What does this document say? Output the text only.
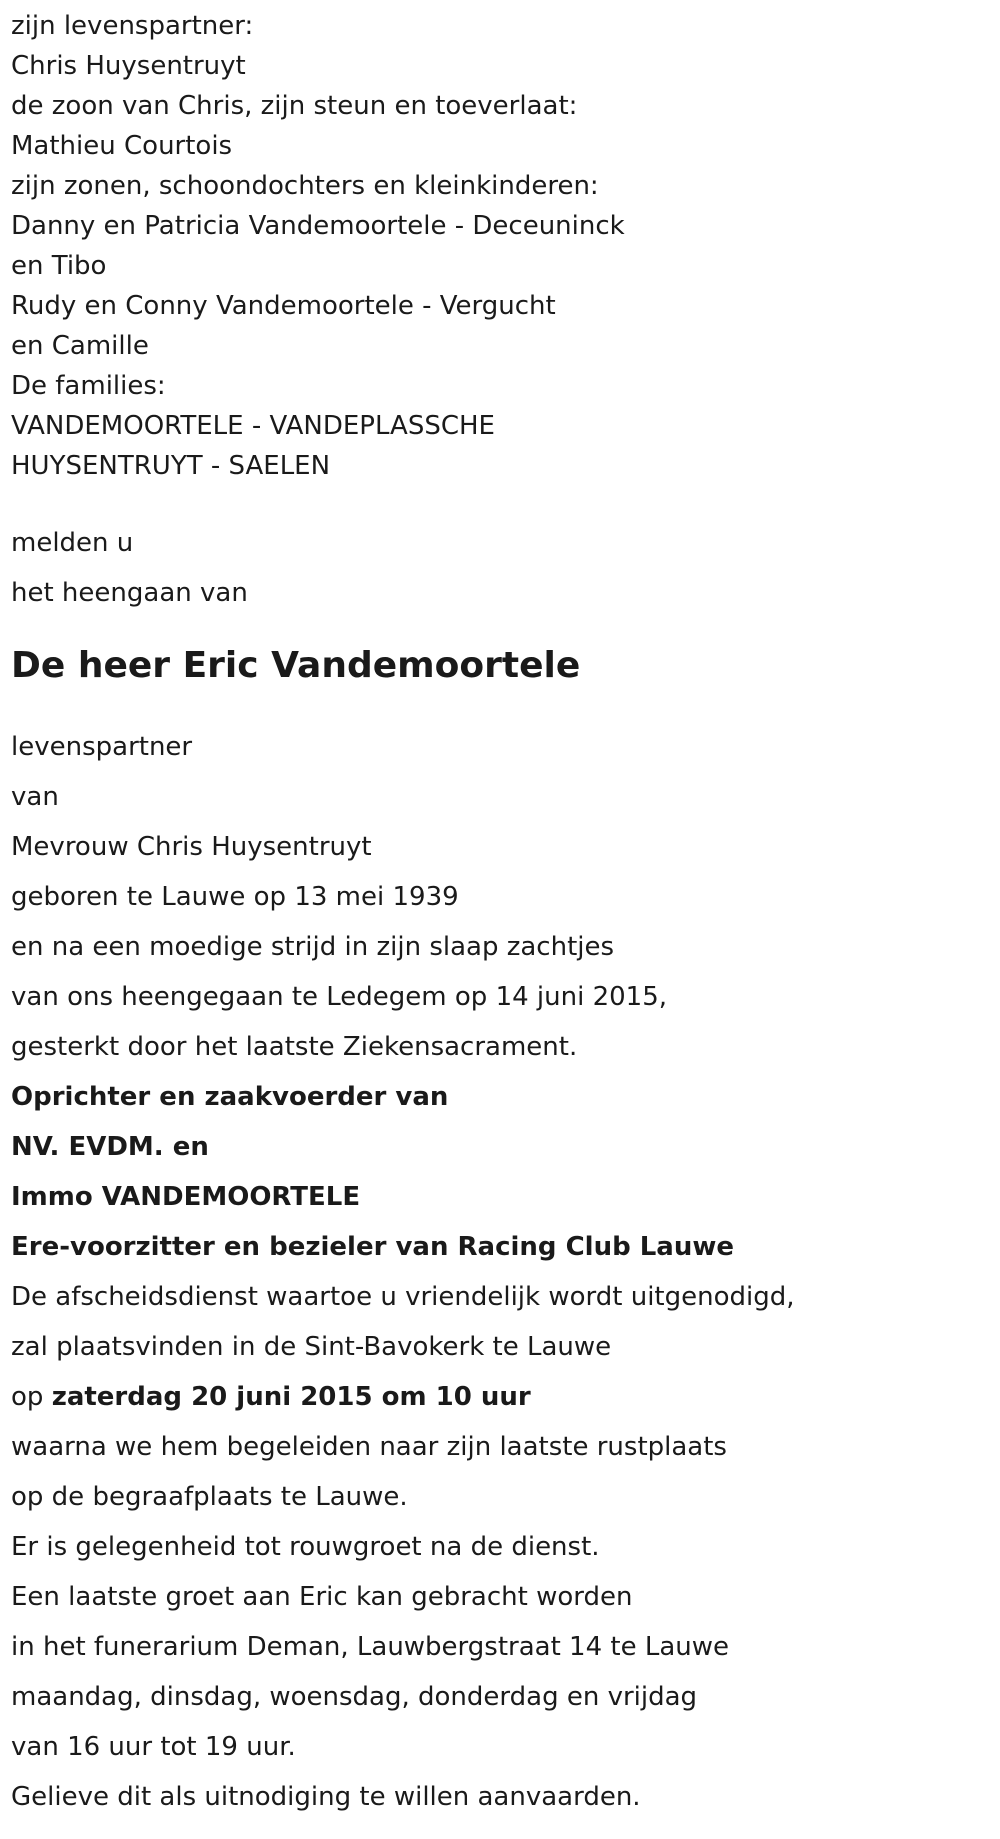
zijn levenspartner:
Chris Huysentruyt
de zoon van Chris, zijn steun en toeverlaat:
Mathieu Courtois
zijn zonen, schoondochters en kleinkinderen:
Danny en Patricia Vandemoortele - Deceuninck
en Tibo
Rudy en Conny Vandemoortele - Vergucht
en Camille
De families:
VANDEMOORTELE - VANDEPLASSCHE
HUYSENTRUYT - SAELEN
melden u
het heengaan van
De heer Eric Vandemoortele
levenspartner
van
Mevrouw Chris Huysentruyt
geboren te Lauwe op 13 mei 1939
en na een moedige strijd in zijn slaap zachtjes
van ons heengegaan te Ledegem op 14 juni 2015,
gesterkt door het laatste Ziekensacrament.
Oprichter en zaakvoerder van
NV. EVDM. en
Immo VANDEMOORTELE
Ere-voorzitter en bezieler van Racing Club Lauwe
De afscheidsdienst waartoe u vriendelijk wordt uitgenodigd,
zal plaatsvinden in de Sint-Bavokerk te Lauwe
op zaterdag 20 juni 2015 om 10 uur
waarna we hem begeleiden naar zijn laatste rustplaats
op de begraafplaats te Lauwe.
Er is gelegenheid tot rouwgroet na de dienst.
Een laatste groet aan Eric kan gebracht worden
in het funerarium Deman, Lauwbergstraat 14 te Lauwe
maandag, dinsdag, woensdag, donderdag en vrijdag
van 16 uur tot 19 uur.
Gelieve dit als uitnodiging te willen aanvaarden.
